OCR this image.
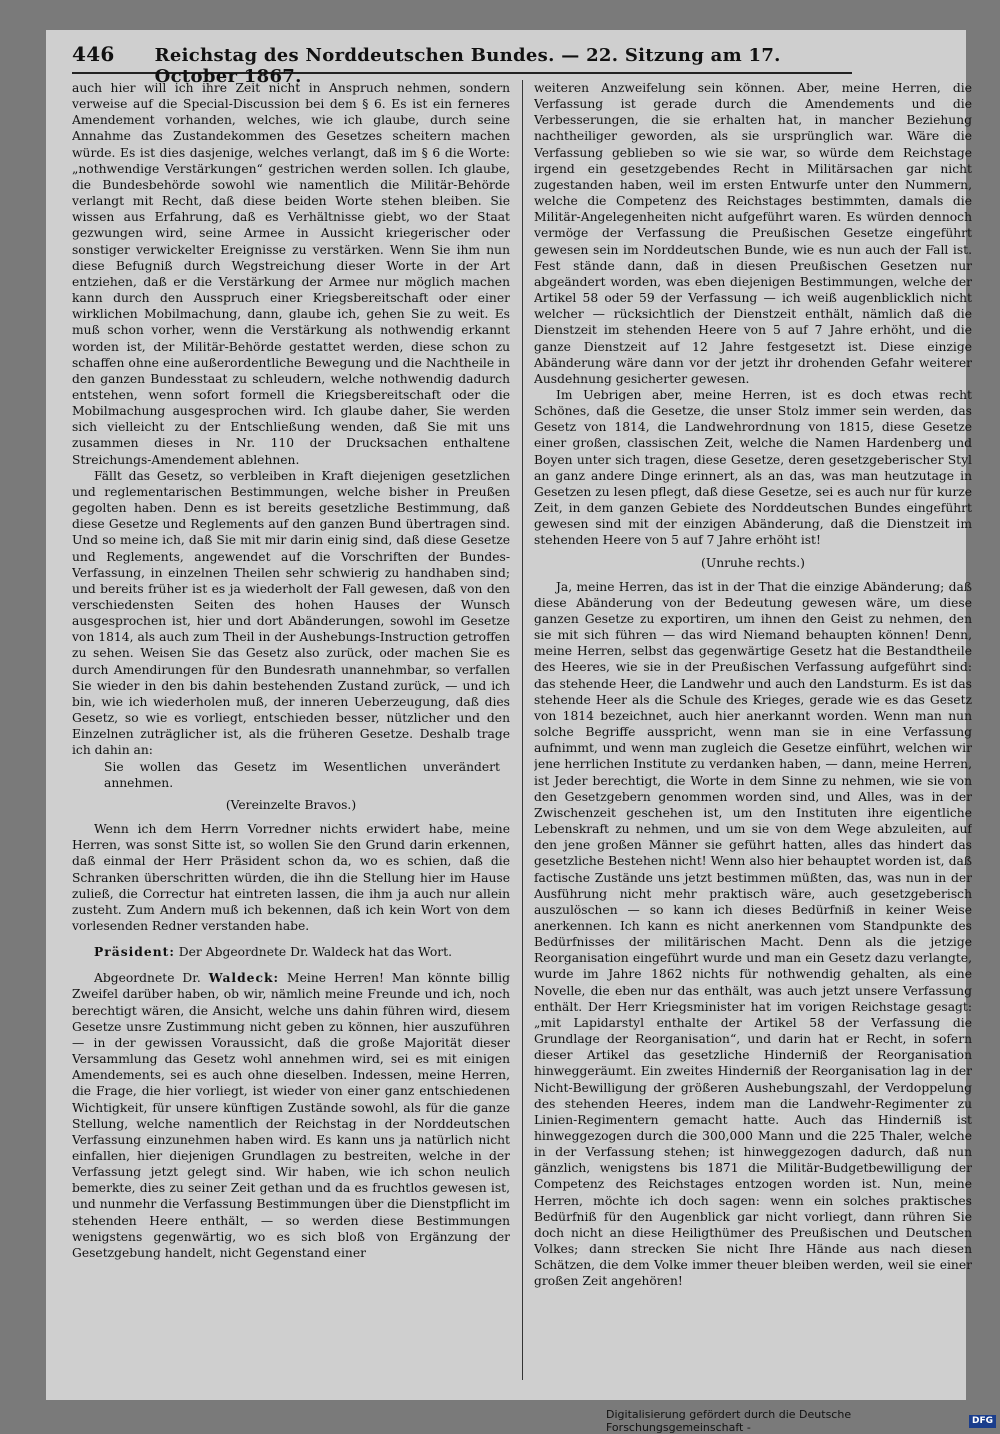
446 Reichstag des Norddeutschen Bundes. — 22. Sitzung am 17. October 1867.

auch hier will ich ihre Zeit nicht in Anspruch nehmen, sondern verweise auf die Special-Discussion bei dem § 6. Es ist ein ferneres Amendement vorhanden, welches, wie ich glaube, durch seine Annahme das Zustandekommen des Gesetzes scheitern machen würde. Es ist dies dasjenige, welches verlangt, daß im § 6 die Worte: „nothwendige Verstärkungen“ gestrichen werden sollen. Ich glaube, die Bundesbehörde sowohl wie namentlich die Militär-Behörde verlangt mit Recht, daß diese beiden Worte stehen bleiben. Sie wissen aus Erfahrung, daß es Verhältnisse giebt, wo der Staat gezwungen wird, seine Armee in Aussicht kriegerischer oder sonstiger verwickelter Ereignisse zu verstärken. Wenn Sie ihm nun diese Befugniß durch Wegstreichung dieser Worte in der Art entziehen, daß er die Verstärkung der Armee nur möglich machen kann durch den Ausspruch einer Kriegsbereitschaft oder einer wirklichen Mobilmachung, dann, glaube ich, gehen Sie zu weit. Es muß schon vorher, wenn die Verstärkung als nothwendig erkannt worden ist, der Militär-Behörde gestattet werden, diese schon zu schaffen ohne eine außerordentliche Bewegung und die Nachtheile in den ganzen Bundesstaat zu schleudern, welche nothwendig dadurch entstehen, wenn sofort formell die Kriegsbereitschaft oder die Mobilmachung ausgesprochen wird. Ich glaube daher, Sie werden sich vielleicht zu der Entschließung wenden, daß Sie mit uns zusammen dieses in Nr. 110 der Drucksachen enthaltene Streichungs-Amendement ablehnen.

Fällt das Gesetz, so verbleiben in Kraft diejenigen gesetzlichen und reglementarischen Bestimmungen, welche bisher in Preußen gegolten haben. Denn es ist bereits gesetzliche Bestimmung, daß diese Gesetze und Reglements auf den ganzen Bund übertragen sind. Und so meine ich, daß Sie mit mir darin einig sind, daß diese Gesetze und Reglements, angewendet auf die Vorschriften der Bundes-Verfassung, in einzelnen Theilen sehr schwierig zu handhaben sind; und bereits früher ist es ja wiederholt der Fall gewesen, daß von den verschiedensten Seiten des hohen Hauses der Wunsch ausgesprochen ist, hier und dort Abänderungen, sowohl im Gesetze von 1814, als auch zum Theil in der Aushebungs-Instruction getroffen zu sehen. Weisen Sie das Gesetz also zurück, oder machen Sie es durch Amendirungen für den Bundesrath unannehmbar, so verfallen Sie wieder in den bis dahin bestehenden Zustand zurück, — und ich bin, wie ich wiederholen muß, der inneren Ueberzeugung, daß dies Gesetz, so wie es vorliegt, entschieden besser, nützlicher und den Einzelnen zuträglicher ist, als die früheren Gesetze. Deshalb trage ich dahin an:

Sie wollen das Gesetz im Wesentlichen unverändert annehmen.

(Vereinzelte Bravos.)

Wenn ich dem Herrn Vorredner nichts erwidert habe, meine Herren, was sonst Sitte ist, so wollen Sie den Grund darin erkennen, daß einmal der Herr Präsident schon da, wo es schien, daß die Schranken überschritten würden, die ihn die Stellung hier im Hause zuließ, die Correctur hat eintreten lassen, die ihm ja auch nur allein zusteht. Zum Andern muß ich bekennen, daß ich kein Wort von dem vorlesenden Redner verstanden habe.

Präsident: Der Abgeordnete Dr. Waldeck hat das Wort.

Abgeordnete Dr. Waldeck: Meine Herren! Man könnte billig Zweifel darüber haben, ob wir, nämlich meine Freunde und ich, noch berechtigt wären, die Ansicht, welche uns dahin führen wird, diesem Gesetze unsre Zustimmung nicht geben zu können, hier auszuführen — in der gewissen Voraussicht, daß die große Majorität dieser Versammlung das Gesetz wohl annehmen wird, sei es mit einigen Amendements, sei es auch ohne dieselben. Indessen, meine Herren, die Frage, die hier vorliegt, ist wieder von einer ganz entschiedenen Wichtigkeit, für unsere künftigen Zustände sowohl, als für die ganze Stellung, welche namentlich der Reichstag in der Norddeutschen Verfassung einzunehmen haben wird. Es kann uns ja natürlich nicht einfallen, hier diejenigen Grundlagen zu bestreiten, welche in der Verfassung jetzt gelegt sind. Wir haben, wie ich schon neulich bemerkte, dies zu seiner Zeit gethan und da es fruchtlos gewesen ist, und nunmehr die Verfassung Bestimmungen über die Dienstpflicht im stehenden Heere enthält, — so werden diese Bestimmungen wenigstens gegenwärtig, wo es sich bloß von Ergänzung der Gesetzgebung handelt, nicht Gegenstand einer

weiteren Anzweifelung sein können. Aber, meine Herren, die Verfassung ist gerade durch die Amendements und die Verbesserungen, die sie erhalten hat, in mancher Beziehung nachtheiliger geworden, als sie ursprünglich war. Wäre die Verfassung geblieben so wie sie war, so würde dem Reichstage irgend ein gesetzgebendes Recht in Militärsachen gar nicht zugestanden haben, weil im ersten Entwurfe unter den Nummern, welche die Competenz des Reichstages bestimmten, damals die Militär-Angelegenheiten nicht aufgeführt waren. Es würden dennoch vermöge der Verfassung die Preußischen Gesetze eingeführt gewesen sein im Norddeutschen Bunde, wie es nun auch der Fall ist. Fest stände dann, daß in diesen Preußischen Gesetzen nur abgeändert worden, was eben diejenigen Bestimmungen, welche der Artikel 58 oder 59 der Verfassung — ich weiß augenblicklich nicht welcher — rücksichtlich der Dienstzeit enthält, nämlich daß die Dienstzeit im stehenden Heere von 5 auf 7 Jahre erhöht, und die ganze Dienstzeit auf 12 Jahre festgesetzt ist. Diese einzige Abänderung wäre dann vor der jetzt ihr drohenden Gefahr weiterer Ausdehnung gesicherter gewesen.

Im Uebrigen aber, meine Herren, ist es doch etwas recht Schönes, daß die Gesetze, die unser Stolz immer sein werden, das Gesetz von 1814, die Landwehrordnung von 1815, diese Gesetze einer großen, classischen Zeit, welche die Namen Hardenberg und Boyen unter sich tragen, diese Gesetze, deren gesetzgeberischer Styl an ganz andere Dinge erinnert, als an das, was man heutzutage in Gesetzen zu lesen pflegt, daß diese Gesetze, sei es auch nur für kurze Zeit, in dem ganzen Gebiete des Norddeutschen Bundes eingeführt gewesen sind mit der einzigen Abänderung, daß die Dienstzeit im stehenden Heere von 5 auf 7 Jahre erhöht ist!

(Unruhe rechts.)

Ja, meine Herren, das ist in der That die einzige Abänderung; daß diese Abänderung von der Bedeutung gewesen wäre, um diese ganzen Gesetze zu exportiren, um ihnen den Geist zu nehmen, den sie mit sich führen — das wird Niemand behaupten können! Denn, meine Herren, selbst das gegenwärtige Gesetz hat die Bestandtheile des Heeres, wie sie in der Preußischen Verfassung aufgeführt sind: das stehende Heer, die Landwehr und auch den Landsturm. Es ist das stehende Heer als die Schule des Krieges, gerade wie es das Gesetz von 1814 bezeichnet, auch hier anerkannt worden. Wenn man nun solche Begriffe ausspricht, wenn man sie in eine Verfassung aufnimmt, und wenn man zugleich die Gesetze einführt, welchen wir jene herrlichen Institute zu verdanken haben, — dann, meine Herren, ist Jeder berechtigt, die Worte in dem Sinne zu nehmen, wie sie von den Gesetzgebern genommen worden sind, und Alles, was in der Zwischenzeit geschehen ist, um den Instituten ihre eigentliche Lebenskraft zu nehmen, und um sie von dem Wege abzuleiten, auf den jene großen Männer sie geführt hatten, alles das hindert das gesetzliche Bestehen nicht! Wenn also hier behauptet worden ist, daß factische Zustände uns jetzt bestimmen müßten, das, was nun in der Ausführung nicht mehr praktisch wäre, auch gesetzgeberisch auszulöschen — so kann ich dieses Bedürfniß in keiner Weise anerkennen. Ich kann es nicht anerkennen vom Standpunkte des Bedürfnisses der militärischen Macht. Denn als die jetzige Reorganisation eingeführt wurde und man ein Gesetz dazu verlangte, wurde im Jahre 1862 nichts für nothwendig gehalten, als eine Novelle, die eben nur das enthält, was auch jetzt unsere Verfassung enthält. Der Herr Kriegsminister hat im vorigen Reichstage gesagt: „mit Lapidarstyl enthalte der Artikel 58 der Verfassung die Grundlage der Reorganisation“, und darin hat er Recht, in sofern dieser Artikel das gesetzliche Hinderniß der Reorganisation hinweggeräumt. Ein zweites Hinderniß der Reorganisation lag in der Nicht-Bewilligung der größeren Aushebungszahl, der Verdoppelung des stehenden Heeres, indem man die Landwehr-Regimenter zu Linien-Regimentern gemacht hatte. Auch das Hinderniß ist hinweggezogen durch die 300,000 Mann und die 225 Thaler, welche in der Verfassung stehen; ist hinweggezogen dadurch, daß nun gänzlich, wenigstens bis 1871 die Militär-Budgetbewilligung der Competenz des Reichstages entzogen worden ist. Nun, meine Herren, möchte ich doch sagen: wenn ein solches praktisches Bedürfniß für den Augenblick gar nicht vorliegt, dann rühren Sie doch nicht an diese Heiligthümer des Preußischen und Deutschen Volkes; dann strecken Sie nicht Ihre Hände aus nach diesen Schätzen, die dem Volke immer theuer bleiben werden, weil sie einer großen Zeit angehören!

Digitalisierung gefördert durch die Deutsche Forschungsgemeinschaft -
DFG
